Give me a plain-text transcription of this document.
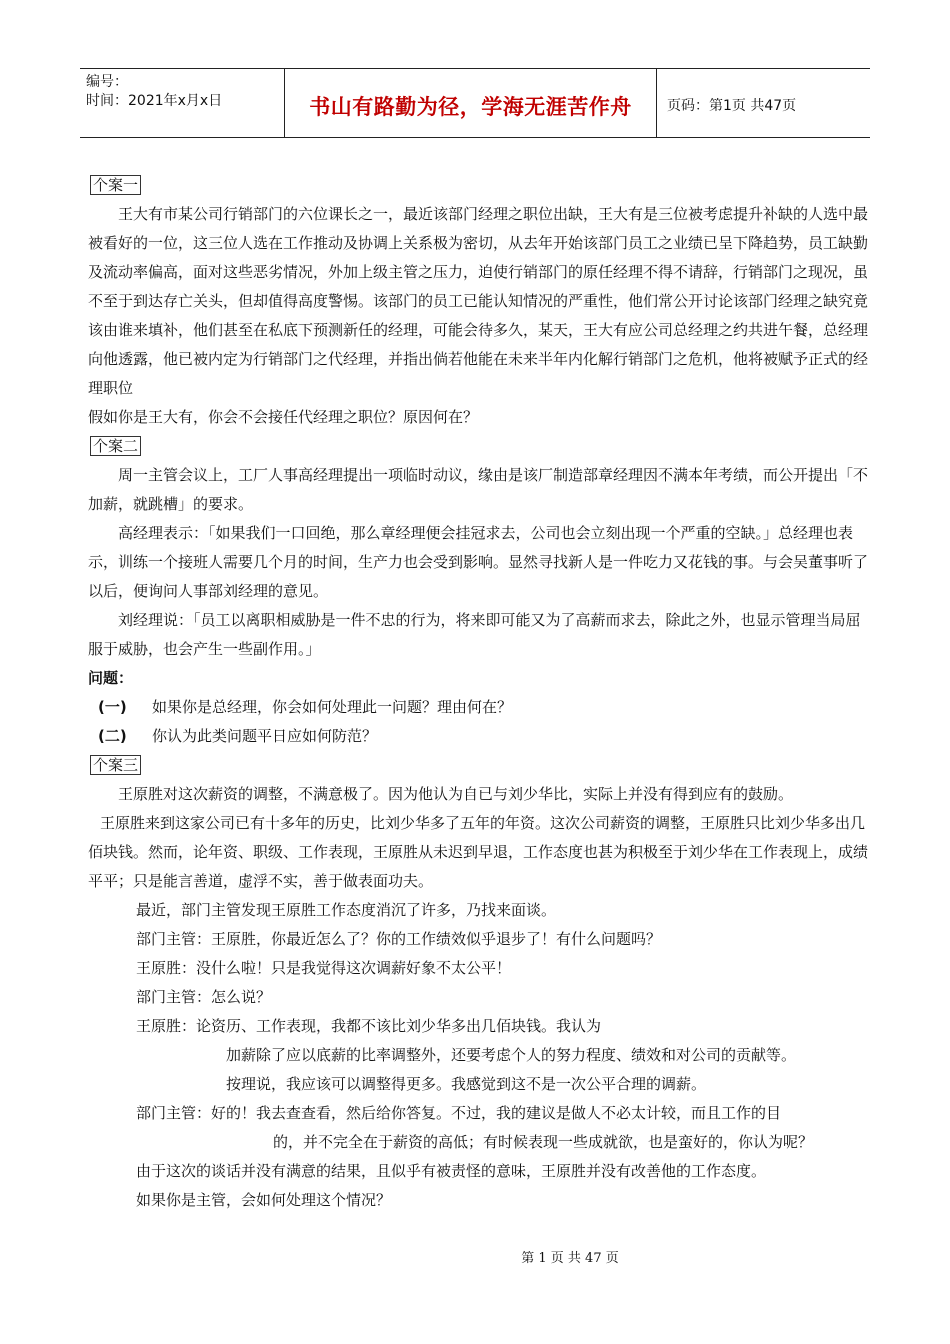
编号：
时间：2021年x月x日	书山有路勤为径，学海无涯苦作舟	页码：第1页 共47页
个案一

王大有市某公司行销部门的六位课长之一，最近该部门经理之职位出缺，王大有是三位被考虑提升补缺的人选中最被看好的一位，这三位人选在工作推动及协调上关系极为密切，从去年开始该部门员工之业绩已呈下降趋势，员工缺勤及流动率偏高，面对这些恶劣情况，外加上级主管之压力，迫使行销部门的原任经理不得不请辞，行销部门之现况，虽不至于到达存亡关头，但却值得高度警惕。该部门的员工已能认知情况的严重性，他们常公开讨论该部门经理之缺究竟该由谁来填补，他们甚至在私底下预测新任的经理，可能会待多久，某天，王大有应公司总经理之约共进午餐，总经理向他透露，他已被内定为行销部门之代经理，并指出倘若他能在未来半年内化解行销部门之危机，他将被赋予正式的经理职位

假如你是王大有，你会不会接任代经理之职位？原因何在？

个案二

周一主管会议上，工厂人事高经理提出一项临时动议，缘由是该厂制造部章经理因不满本年考绩，而公开提出「不加薪，就跳槽」的要求。

高经理表示：「如果我们一口回绝，那么章经理便会挂冠求去，公司也会立刻出现一个严重的空缺。」总经理也表示，训练一个接班人需要几个月的时间，生产力也会受到影响。显然寻找新人是一件吃力又花钱的事。与会吴董事听了以后，便询问人事部刘经理的意见。

刘经理说：「员工以离职相威胁是一件不忠的行为，将来即可能又为了高薪而求去，除此之外，也显示管理当局屈服于威胁，也会产生一些副作用。」

问题：

(一)	如果你是总经理，你会如何处理此一问题？理由何在？
(二)	你认为此类问题平日应如何防范？
个案三

王原胜对这次薪资的调整，不满意极了。因为他认为自已与刘少华比，实际上并没有得到应有的鼓励。

王原胜来到这家公司已有十多年的历史，比刘少华多了五年的年资。这次公司薪资的调整，王原胜只比刘少华多出几佰块钱。然而，论年资、职级、工作表现，王原胜从未迟到早退，工作态度也甚为积极至于刘少华在工作表现上，成绩平平；只是能言善道，虚浮不实，善于做表面功夫。

最近，部门主管发现王原胜工作态度消沉了许多，乃找来面谈。

部门主管：王原胜，你最近怎么了？你的工作绩效似乎退步了！有什么问题吗？

王原胜：没什么啦！只是我觉得这次调薪好象不太公平！

部门主管：怎么说？

王原胜：论资历、工作表现，我都不该比刘少华多出几佰块钱。我认为

加薪除了应以底薪的比率调整外，还要考虑个人的努力程度、绩效和对公司的贡献等。

按理说，我应该可以调整得更多。我感觉到这不是一次公平合理的调薪。

部门主管：好的！我去查查看，然后给你答复。不过，我的建议是做人不必太计较，而且工作的目

的，并不完全在于薪资的高低；有时候表现一些成就欲，也是蛮好的，你认为呢？

由于这次的谈话并没有满意的结果，且似乎有被责怪的意味，王原胜并没有改善他的工作态度。

如果你是主管，会如何处理这个情况？

第 1 页 共 47 页
